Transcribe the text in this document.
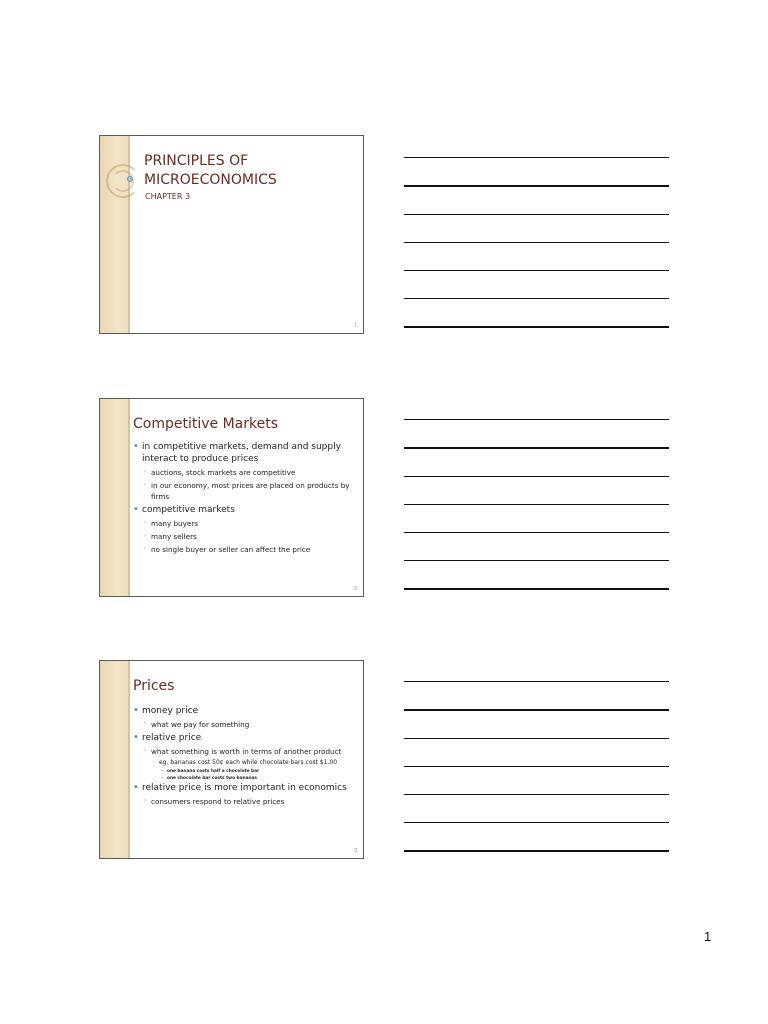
PRINCIPLES OF
MICROECONOMICS
CHAPTER 3
1
Competitive Markets
• in competitive markets, demand and supply interact to produce prices
◦ auctions, stock markets are competitive
◦ in our economy, most prices are placed on products by firms
• competitive markets
◦ many buyers
◦ many sellers
◦ no single buyer or seller can affect the price
2
Prices
• money price
◦ what we pay for something
• relative price
◦ what something is worth in terms of another product
◦ eg. bananas cost 50¢ each while chocolate bars cost $1.00
– one banana costs half a chocolate bar
– one chocolate bar costs two bananas
• relative price is more important in economics
◦ consumers respond to relative prices
3
1
